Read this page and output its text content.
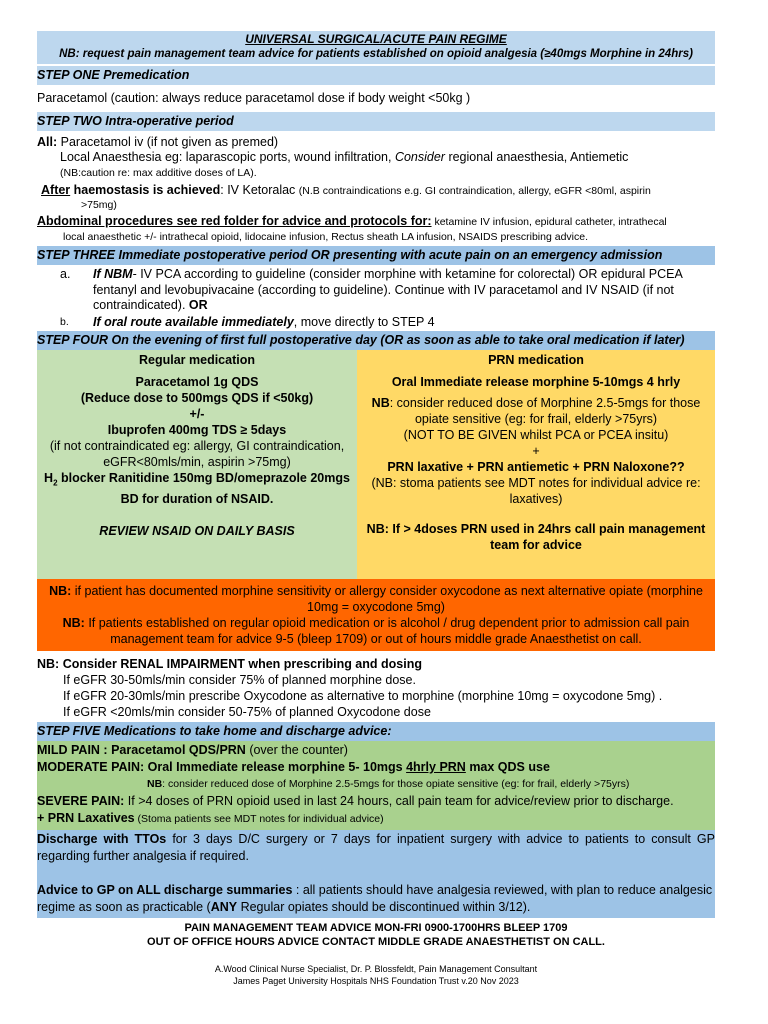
UNIVERSAL SURGICAL/ACUTE PAIN REGIME
NB: request pain management team advice for patients established on opioid analgesia (≥40mgs Morphine in 24hrs)
STEP ONE Premedication
Paracetamol (caution: always reduce paracetamol dose if body weight <50kg )
STEP TWO Intra-operative period
All: Paracetamol iv (if not given as premed)
Local Anaesthesia eg: laparascopic ports, wound infiltration, Consider regional anaesthesia, Antiemetic
(NB:caution re: max additive doses of LA).
After haemostasis is achieved: IV Ketoralac (N.B contraindications e.g. GI contraindication, allergy, eGFR <80ml, aspirin
>75mg)
Abdominal procedures see red folder for advice and protocols for: ketamine IV infusion, epidural catheter, intrathecal
local anaesthetic +/- intrathecal opioid, lidocaine infusion, Rectus sheath LA infusion, NSAIDS prescribing advice.
STEP THREE Immediate postoperative period OR presenting with acute pain on an emergency admission
a.	If NBM- IV PCA according to guideline (consider morphine with ketamine for colorectal) OR epidural PCEA fentanyl and levobupivacaine (according to guideline). Continue with IV paracetamol and IV NSAID (if not contraindicated). OR
b.	If oral route available immediately, move directly to STEP 4
STEP FOUR On the evening of first full postoperative day (OR as soon as able to take oral medication if later)
Regular medication
Paracetamol 1g QDS
(Reduce dose to 500mgs QDS if <50kg)
+/-
Ibuprofen 400mg TDS ≥ 5days
(if not contraindicated eg: allergy, GI contraindication, eGFR<80mls/min, aspirin >75mg)
$H_2$ blocker Ranitidine 150mg BD/omeprazole 20mgs BD for duration of NSAID.
REVIEW NSAID ON DAILY BASIS
PRN medication
Oral Immediate release morphine 5-10mgs 4 hrly
NB: consider reduced dose of Morphine 2.5-5mgs for those opiate sensitive (eg: for frail, elderly >75yrs)
(NOT TO BE GIVEN whilst PCA or PCEA insitu)
+
PRN laxative + PRN antiemetic + PRN Naloxone??
(NB: stoma patients see MDT notes for individual advice re: laxatives)
NB: If > 4doses PRN used in 24hrs call pain management team for advice
NB: if patient has documented morphine sensitivity or allergy consider oxycodone as next alternative opiate (morphine 10mg = oxycodone 5mg)
NB: If patients established on regular opioid medication or is alcohol / drug dependent prior to admission call pain management team for advice 9-5 (bleep 1709) or out of hours middle grade Anaesthetist on call.
NB: Consider RENAL IMPAIRMENT when prescribing and dosing
If eGFR 30-50mls/min consider 75% of planned morphine dose.
If eGFR 20-30mls/min prescribe Oxycodone as alternative to morphine (morphine 10mg = oxycodone 5mg) .
If eGFR <20mls/min consider 50-75% of planned Oxycodone dose
STEP FIVE Medications to take home and discharge advice:
MILD PAIN : Paracetamol QDS/PRN (over the counter)
MODERATE PAIN: Oral Immediate release morphine 5- 10mgs 4hrly PRN max QDS use
NB: consider reduced dose of Morphine 2.5-5mgs for those opiate sensitive (eg: for frail, elderly >75yrs)
SEVERE PAIN: If >4 doses of PRN opioid used in last 24 hours, call pain team for advice/review prior to discharge.
+ PRN Laxatives (Stoma patients see MDT notes for individual advice)
Discharge with TTOs for 3 days D/C surgery or 7 days for inpatient surgery with advice to patients to consult GP regarding further analgesia if required.
Advice to GP on ALL discharge summaries : all patients should have analgesia reviewed, with plan to reduce analgesic regime as soon as practicable (ANY Regular opiates should be discontinued within 3/12).
PAIN MANAGEMENT TEAM ADVICE MON-FRI 0900-1700HRS BLEEP 1709
OUT OF OFFICE HOURS ADVICE CONTACT MIDDLE GRADE ANAESTHETIST ON CALL.
A.Wood Clinical Nurse Specialist, Dr. P. Blossfeldt, Pain Management Consultant
James Paget University Hospitals NHS Foundation Trust v.20 Nov 2023
